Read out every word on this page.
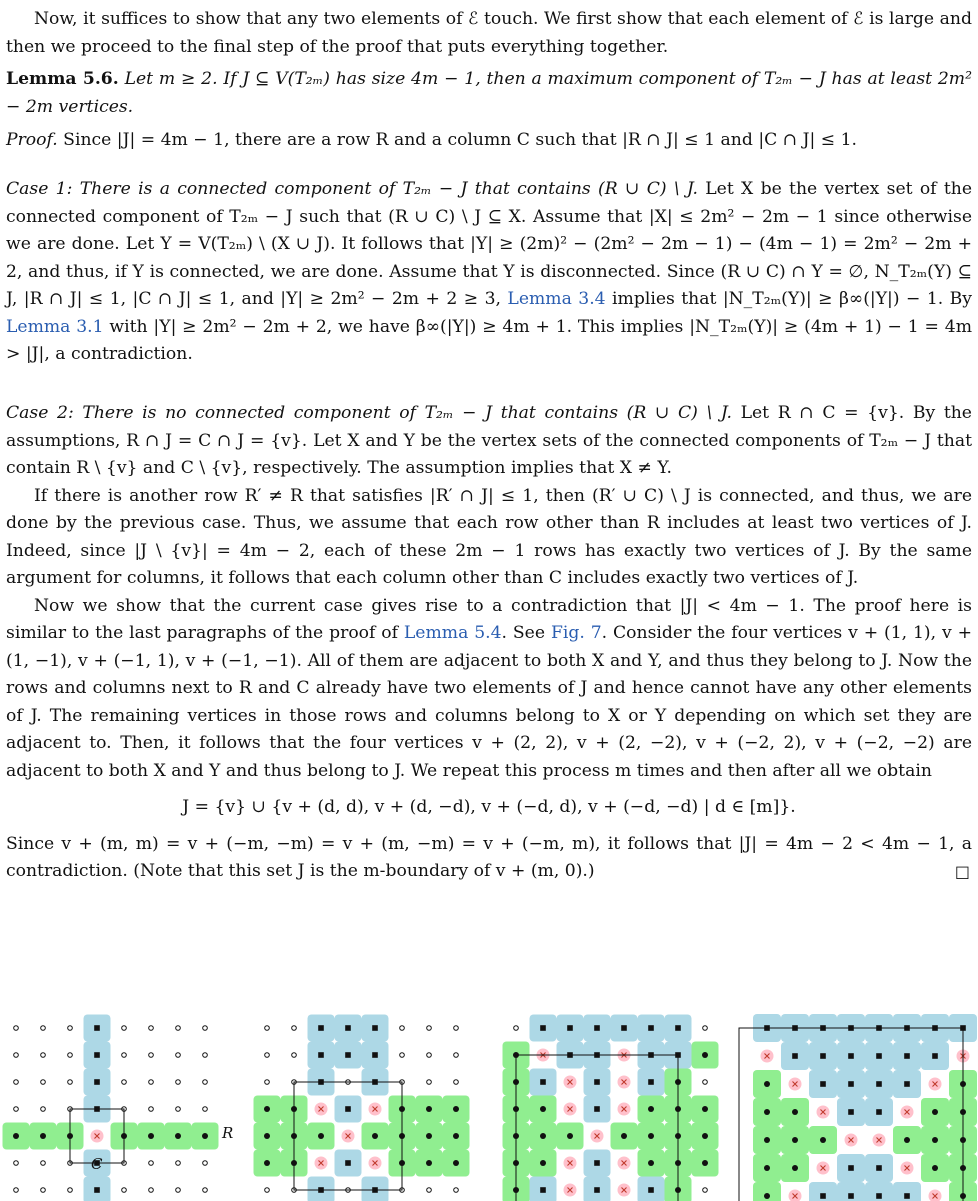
Now, it suffices to show that any two elements of ℰ touch. We first show that each element of ℰ is large and then we proceed to the final step of the proof that puts everything together.

Lemma 5.6. Let m ≥ 2. If J ⊆ V(T₂ₘ) has size 4m − 1, then a maximum component of T₂ₘ − J has at least 2m² − 2m vertices.

Proof. Since |J| = 4m − 1, there are a row R and a column C such that |R ∩ J| ≤ 1 and |C ∩ J| ≤ 1.

Case 1: There is a connected component of T₂ₘ − J that contains (R ∪ C) \ J. Let X be the vertex set of the connected component of T₂ₘ − J such that (R ∪ C) \ J ⊆ X. Assume that |X| ≤ 2m² − 2m − 1 since otherwise we are done. Let Y = V(T₂ₘ) \ (X ∪ J). It follows that |Y| ≥ (2m)² − (2m² − 2m − 1) − (4m − 1) = 2m² − 2m + 2, and thus, if Y is connected, we are done. Assume that Y is disconnected. Since (R ∪ C) ∩ Y = ∅, N_T₂ₘ(Y) ⊆ J, |R ∩ J| ≤ 1, |C ∩ J| ≤ 1, and |Y| ≥ 2m² − 2m + 2 ≥ 3, Lemma 3.4 implies that |N_T₂ₘ(Y)| ≥ β∞(|Y|) − 1. By Lemma 3.1 with |Y| ≥ 2m² − 2m + 2, we have β∞(|Y|) ≥ 4m + 1. This implies |N_T₂ₘ(Y)| ≥ (4m + 1) − 1 = 4m > |J|, a contradiction.

Case 2: There is no connected component of T₂ₘ − J that contains (R ∪ C) \ J. Let R ∩ C = {v}. By the assumptions, R ∩ J = C ∩ J = {v}. Let X and Y be the vertex sets of the connected components of T₂ₘ − J that contain R \ {v} and C \ {v}, respectively. The assumption implies that X ≠ Y.

If there is another row R′ ≠ R that satisfies |R′ ∩ J| ≤ 1, then (R′ ∪ C) \ J is connected, and thus, we are done by the previous case. Thus, we assume that each row other than R includes at least two vertices of J. Indeed, since |J \ {v}| = 4m − 2, each of these 2m − 1 rows has exactly two vertices of J. By the same argument for columns, it follows that each column other than C includes exactly two vertices of J.

Now we show that the current case gives rise to a contradiction that |J| < 4m − 1. The proof here is similar to the last paragraphs of the proof of Lemma 5.4. See Fig. 7. Consider the four vertices v + (1, 1), v + (1, −1), v + (−1, 1), v + (−1, −1). All of them are adjacent to both X and Y, and thus they belong to J. Now the rows and columns next to R and C already have two elements of J and hence cannot have any other elements of J. The remaining vertices in those rows and columns belong to X or Y depending on which set they are adjacent to. Then, it follows that the four vertices v + (2, 2), v + (2, −2), v + (−2, 2), v + (−2, −2) are adjacent to both X and Y and thus belong to J. We repeat this process m times and then after all we obtain

J = {v} ∪ {v + (d, d), v + (d, −d), v + (−d, d), v + (−d, −d) | d ∈ [m]}.

Since v + (m, m) = v + (−m, −m) = v + (m, −m) = v + (−m, m), it follows that |J| = 4m − 2 < 4m − 1, a contradiction. (Note that this set J is the m-boundary of v + (m, 0).)	□

R
C
